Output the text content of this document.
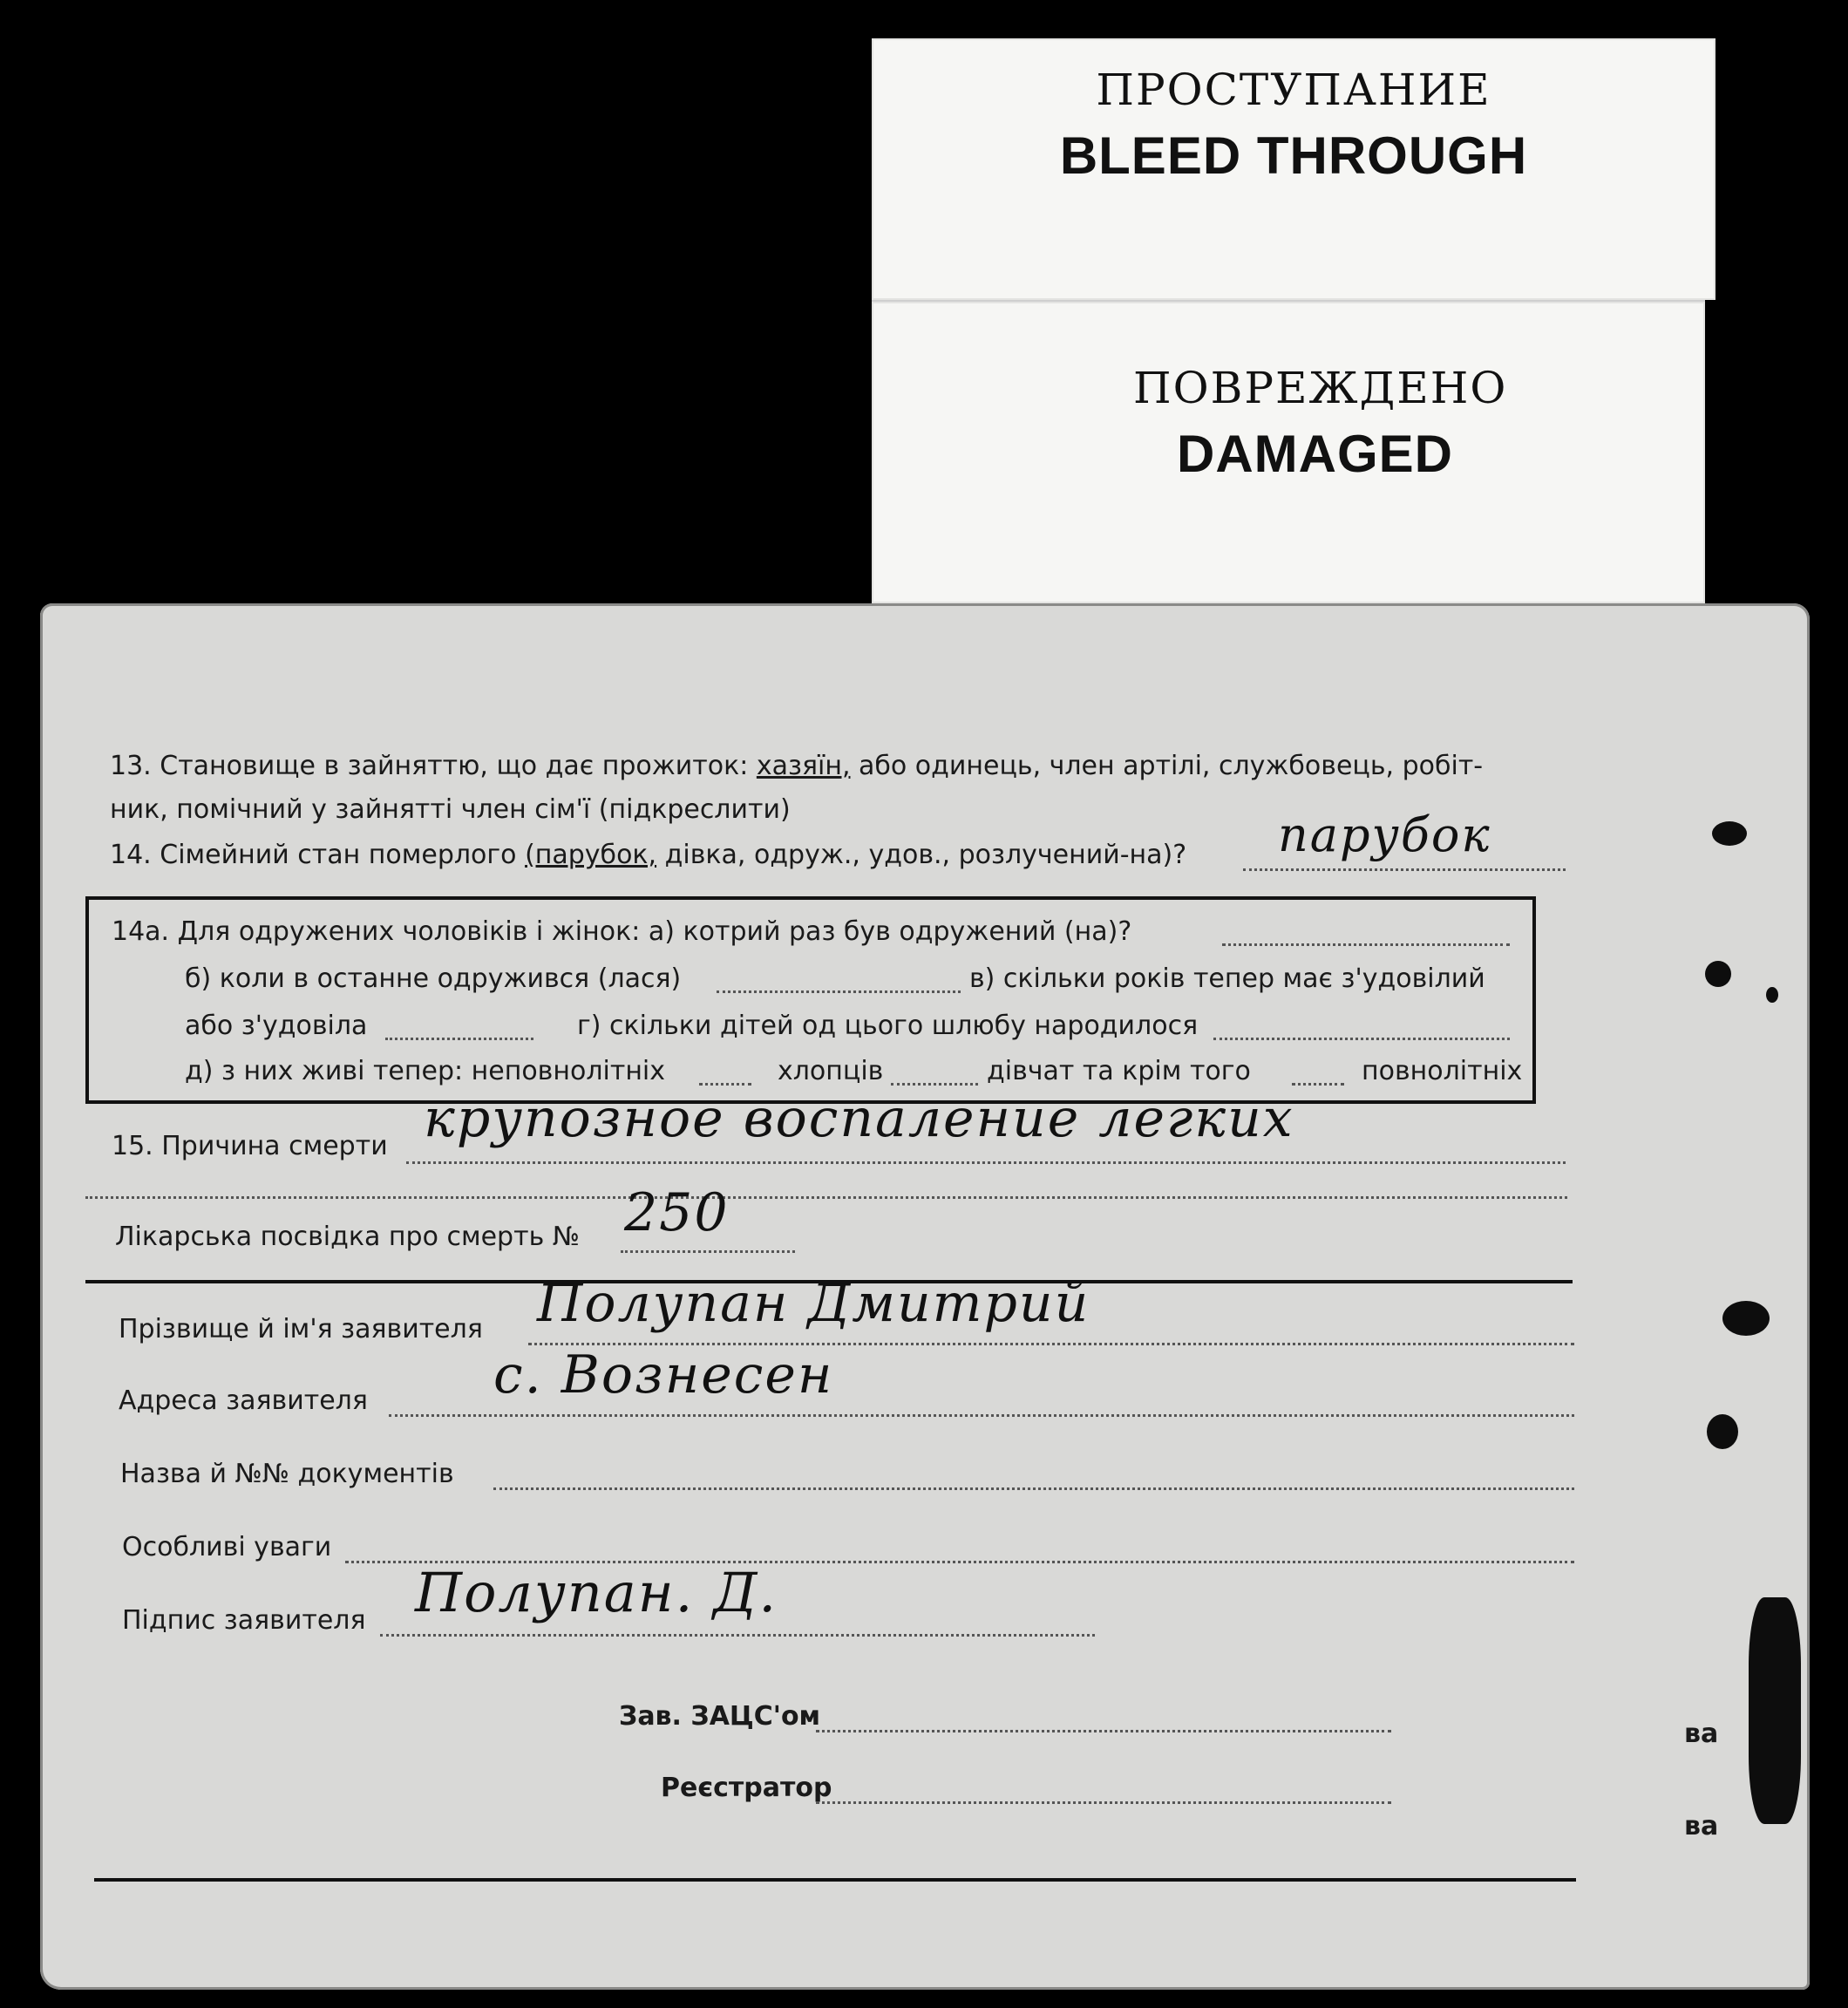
ПРОСТУПАНИЕ
BLEED THROUGH
ПОВРЕЖДЕНО
DAMAGED
13. Становище в зайняттю, що дає прожиток: хазяїн, або одинець, член артілі, службовець, робіт-
ник, помічний у зайнятті член сім'ї (підкреслити)
14. Сімейний стан померлого (парубок, дівка, одруж., удов., розлучений-на)? парубок
14а. Для одружених чоловіків і жінок: а) котрий раз був одружений (на)?
б) коли в останне одружився (лася)	в) скільки років тепер має з'удовілий
або з'удовіла	г) скільки дітей од цього шлюбу народилося
д) з них живі тепер: неповнолітніх	хлопців	дівчат та крім того	повнолітніх
15. Причина смерти крупозное воспаление легких
Лікарська посвідка про смерть № 250
Прізвище й ім'я заявителя Полупан Дмитрий
Адреса заявителя с. Вознесен
Назва й №№ документів
Особливі уваги
Підпис заявителя Полупан. Д.
Зав. ЗАЦС'ом
Реєстратор
ва
ва
